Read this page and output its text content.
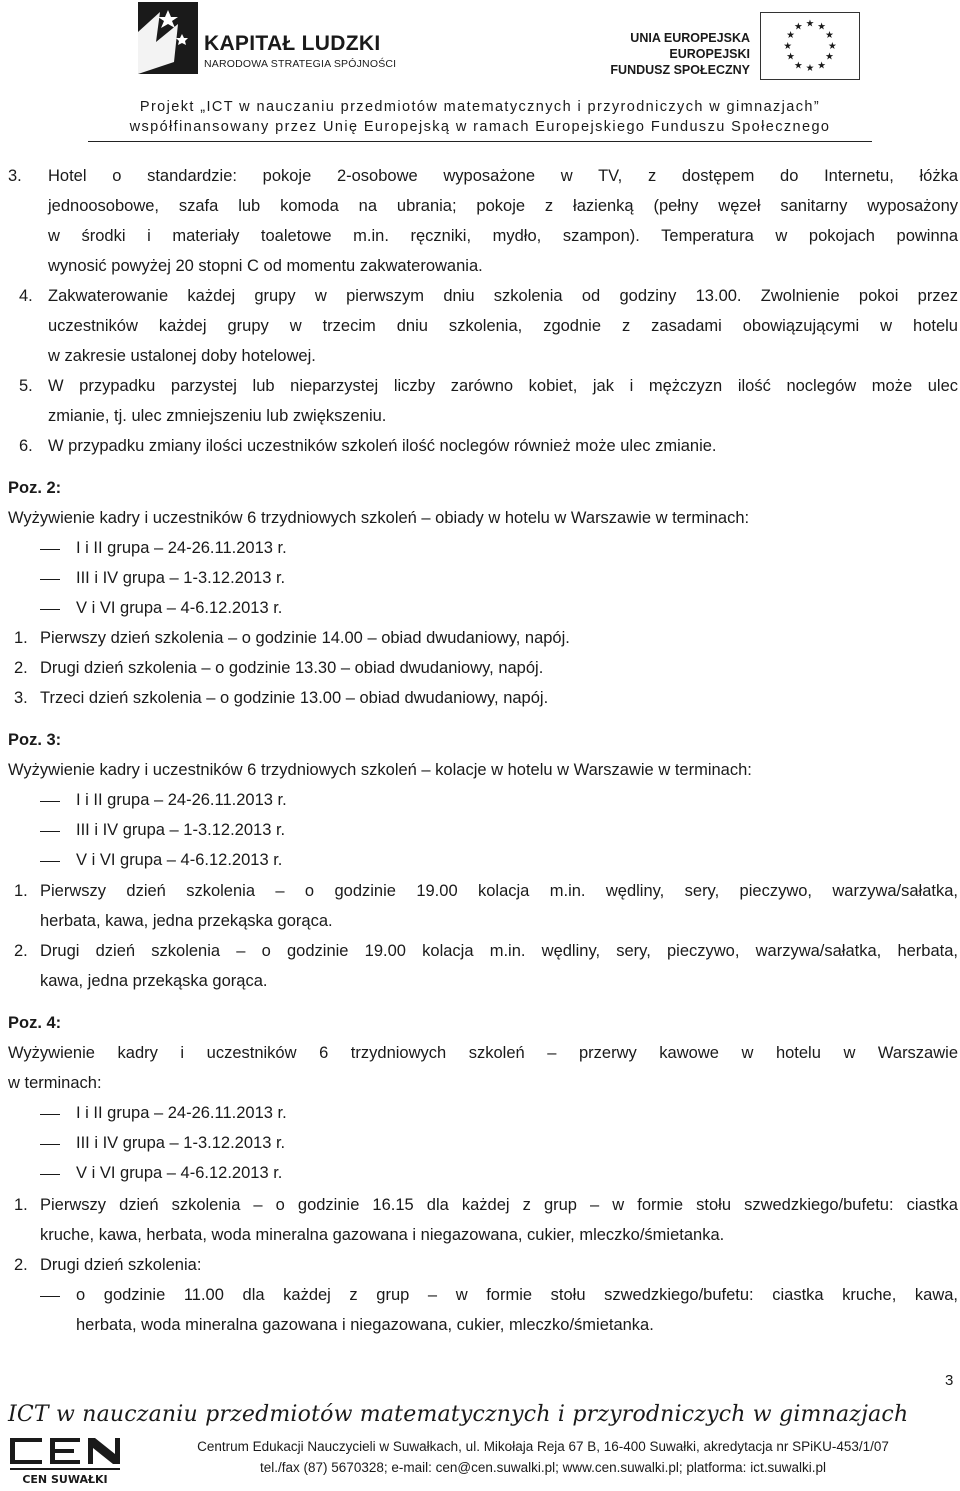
KAPITAŁ LUDZKI
NARODOWA STRATEGIA SPÓJNOŚCI
UNIA EUROPEJSKA
EUROPEJSKI
FUNDUSZ SPOŁECZNY
★ ★
★
★
★
★
★
★
★
★
★
★
Projekt „ICT w nauczaniu przedmiotów matematycznych i przyrodniczych w gimnazjach”
współfinansowany przez Unię Europejską w ramach Europejskiego Funduszu Społecznego
3. Hotel o standardzie: pokoje 2-osobowe wyposażone w TV, z dostępem do Internetu, łóżka
jednoosobowe, szafa lub komoda na ubrania; pokoje z łazienką (pełny węzeł sanitarny wyposażony
w środki i materiały toaletowe m.in. ręczniki, mydło, szampon). Temperatura w pokojach powinna
wynosić powyżej 20 stopni C od momentu zakwaterowania.
4. Zakwaterowanie każdej grupy w pierwszym dniu szkolenia od godziny 13.00. Zwolnienie pokoi przez
uczestników każdej grupy w trzecim dniu szkolenia, zgodnie z zasadami obowiązującymi w hotelu
w zakresie ustalonej doby hotelowej.
5. W przypadku parzystej lub nieparzystej liczby zarówno kobiet, jak i mężczyzn ilość noclegów może ulec
zmianie, tj. ulec zmniejszeniu lub zwiększeniu.
6. W przypadku zmiany ilości uczestników szkoleń ilość noclegów również może ulec zmianie.
Poz. 2:
Wyżywienie kadry i uczestników 6 trzydniowych szkoleń – obiady w hotelu w Warszawie w terminach:
I i II grupa – 24-26.11.2013 r.
III i IV grupa – 1-3.12.2013 r.
V i VI grupa – 4-6.12.2013 r.
1. Pierwszy dzień szkolenia – o godzinie 14.00 – obiad dwudaniowy, napój.
2. Drugi dzień szkolenia – o godzinie 13.30 – obiad dwudaniowy, napój.
3. Trzeci dzień szkolenia – o godzinie 13.00 – obiad dwudaniowy, napój.
Poz. 3:
Wyżywienie kadry i uczestników 6 trzydniowych szkoleń – kolacje w hotelu w Warszawie w terminach:
I i II grupa – 24-26.11.2013 r.
III i IV grupa – 1-3.12.2013 r.
V i VI grupa – 4-6.12.2013 r.
1. Pierwszy dzień szkolenia – o godzinie 19.00 kolacja m.in. wędliny, sery, pieczywo, warzywa/sałatka,
herbata, kawa, jedna przekąska gorąca.
2. Drugi dzień szkolenia – o godzinie 19.00 kolacja m.in. wędliny, sery, pieczywo, warzywa/sałatka, herbata,
kawa, jedna przekąska gorąca.
Poz. 4:
Wyżywienie kadry i uczestników 6 trzydniowych szkoleń – przerwy kawowe w hotelu w Warszawie
w terminach:
I i II grupa – 24-26.11.2013 r.
III i IV grupa – 1-3.12.2013 r.
V i VI grupa – 4-6.12.2013 r.
1. Pierwszy dzień szkolenia – o godzinie 16.15 dla każdej z grup – w formie stołu szwedzkiego/bufetu: ciastka
kruche, kawa, herbata, woda mineralna gazowana i niegazowana, cukier, mleczko/śmietanka.
2. Drugi dzień szkolenia:
o godzinie 11.00 dla każdej z grup – w formie stołu szwedzkiego/bufetu: ciastka kruche, kawa,
herbata, woda mineralna gazowana i niegazowana, cukier, mleczko/śmietanka.
3
ICT w nauczaniu przedmiotów matematycznych i przyrodniczych w gimnazjach
CEN SUWAŁKI
Centrum Edukacji Nauczycieli w Suwałkach, ul. Mikołaja Reja 67 B, 16-400 Suwałki, akredytacja nr SPiKU-453/1/07
tel./fax (87) 5670328; e-mail: cen@cen.suwalki.pl; www.cen.suwalki.pl; platforma: ict.suwalki.pl
